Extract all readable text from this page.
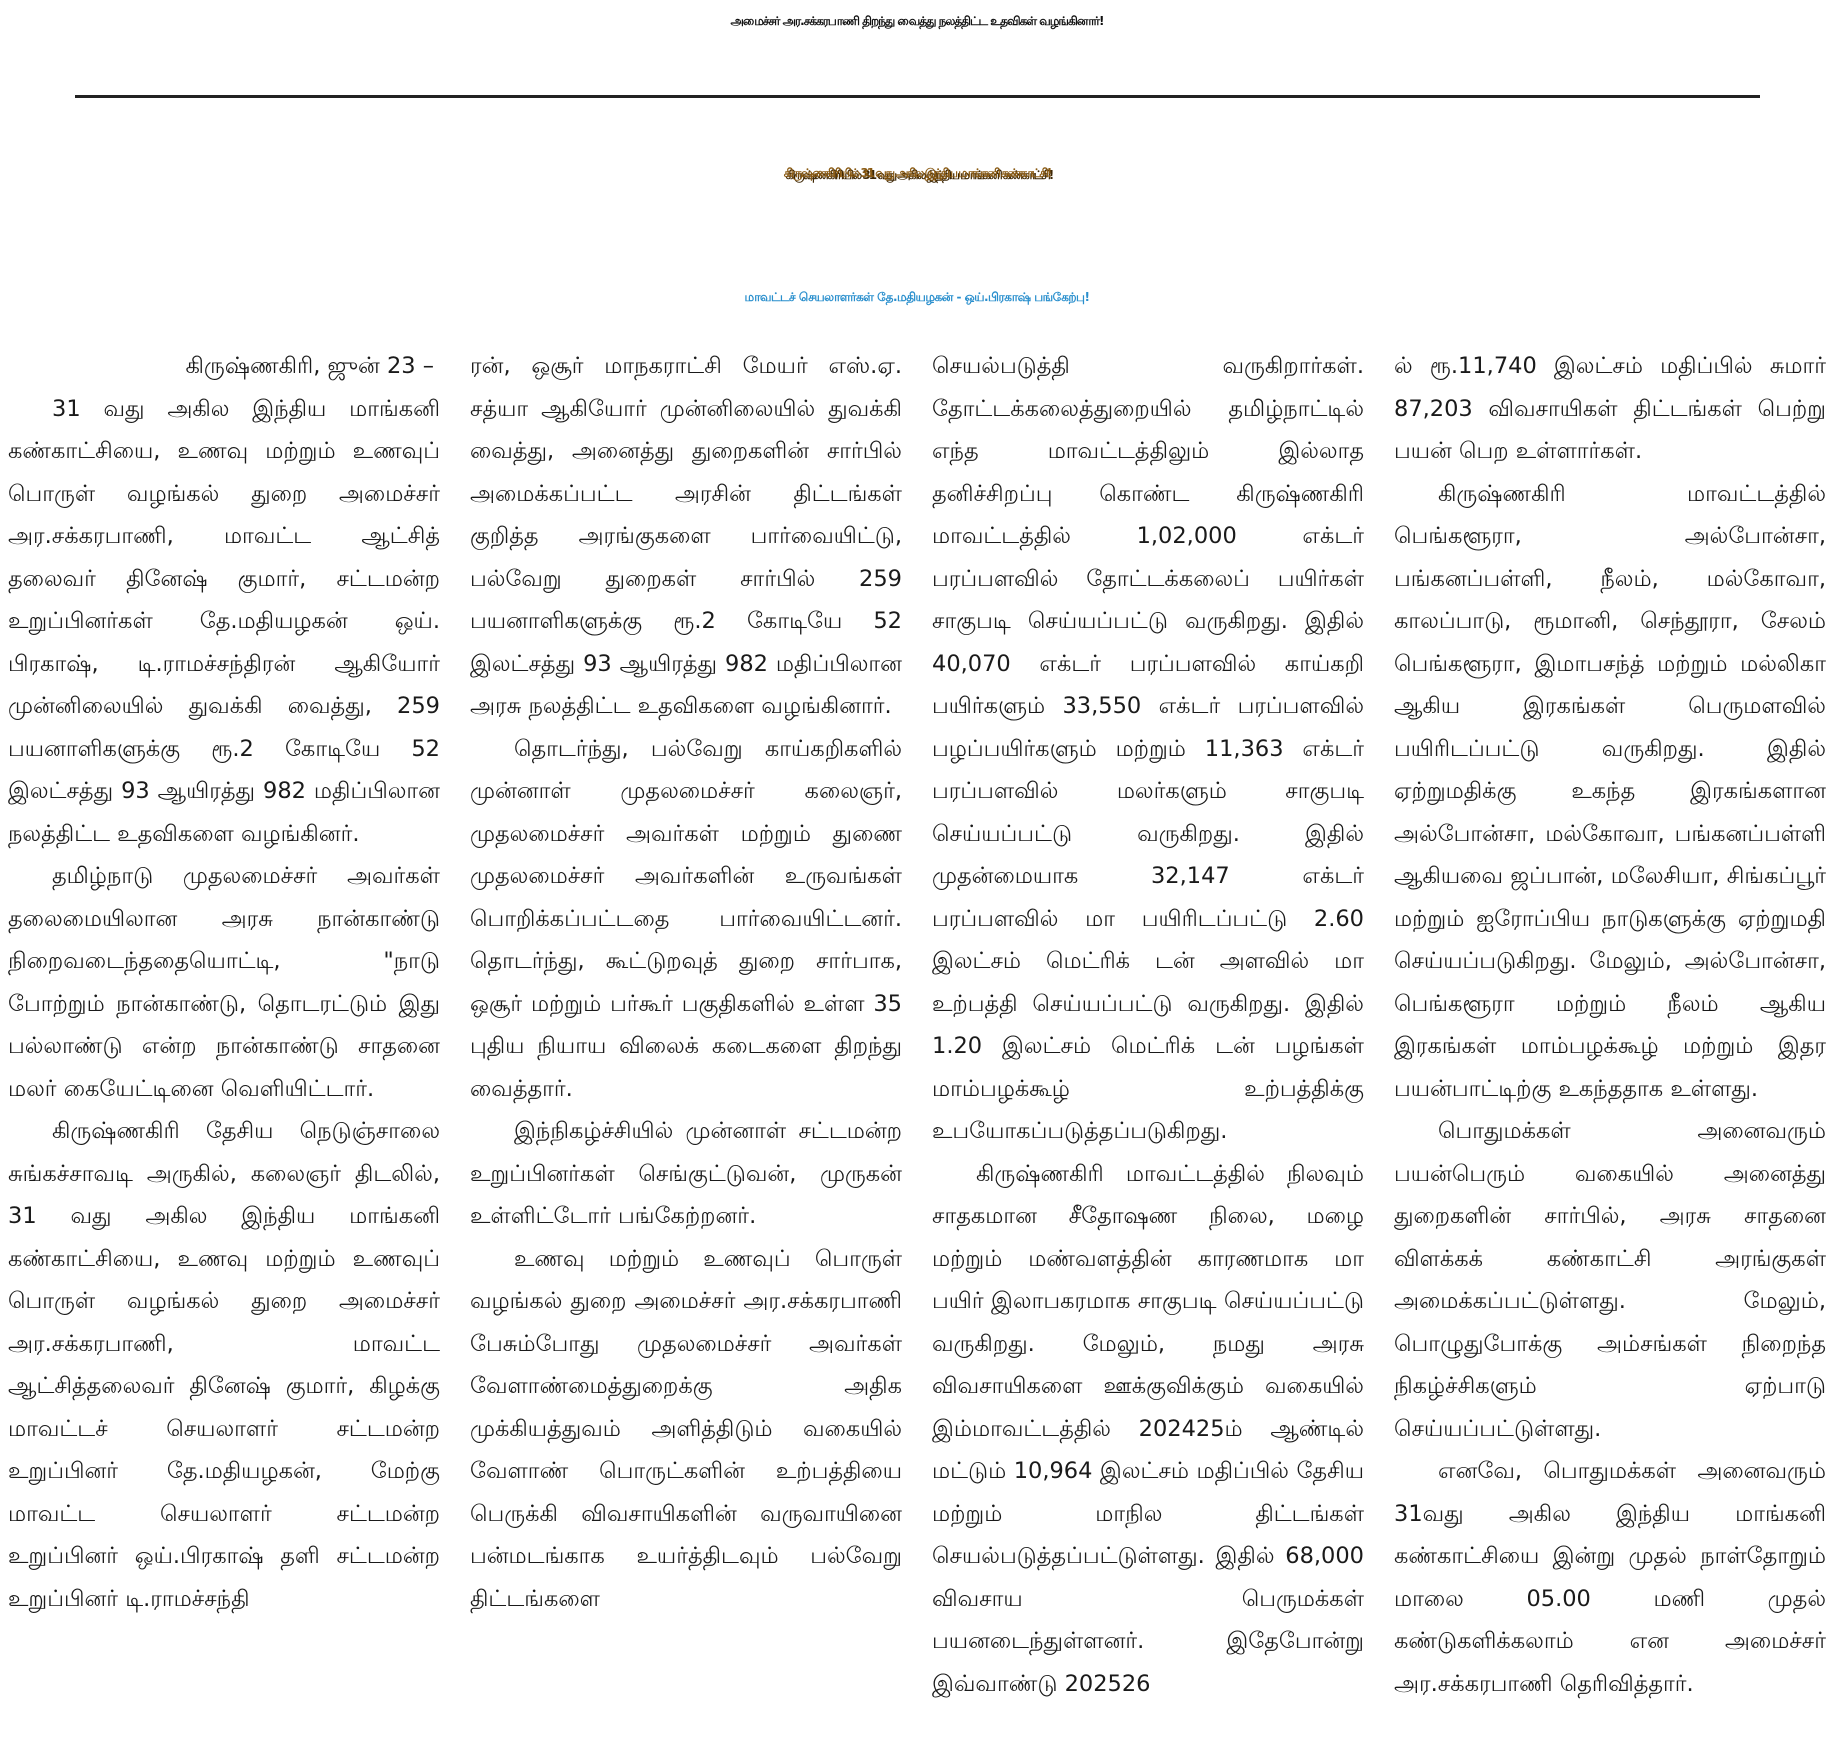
அமைச்சர் அர.சக்கரபாணி திறந்து வைத்து நலத்திட்ட உதவிகள் வழங்கினார்!
கிருஷ்ணகிரியில் 31 வது அகில இந்திய மாங்கனி கண்காட்சி!
மாவட்டச் செயலாளர்கள் தே.மதியழகன் - ஒய்.பிரகாஷ் பங்கேற்பு!

கிருஷ்ணகிரி, ஜுன் 23 –

31 வது அகில இந்திய மாங்கனி கண்காட்சியை, உணவு மற்றும் உணவுப் பொருள் வழங்கல் துறை அமைச்சர் அர.சக்கரபாணி, மாவட்ட ஆட்சித் தலைவர் தினேஷ் குமார், சட்டமன்ற உறுப்பினர்கள் தே.மதியழகன் ஒய். பிரகாஷ், டி.ராமச்சந்திரன் ஆகியோர் முன்னிலையில் துவக்கி வைத்து, 259 பயனாளிகளுக்கு ரூ.2 கோடியே 52 இலட்சத்து 93 ஆயிரத்து 982 மதிப்பிலான நலத்திட்ட உதவிகளை வழங்கினர்.

தமிழ்நாடு முதலமைச்சர் அவர்கள் தலைமையிலான அரசு நான்காண்டு நிறைவடைந்ததையொட்டி, "நாடு போற்றும் நான்காண்டு, தொடரட்டும் இது பல்லாண்டு என்ற நான்காண்டு சாதனை மலர் கையேட்டினை வெளியிட்டார்.

கிருஷ்ணகிரி தேசிய நெடுஞ்சாலை சுங்கச்சாவடி அருகில், கலைஞர் திடலில், 31 வது அகில இந்திய மாங்கனி கண்காட்சியை, உணவு மற்றும் உணவுப் பொருள் வழங்கல் துறை அமைச்சர் அர.சக்கரபாணி, மாவட்ட ஆட்சித்தலைவர் தினேஷ் குமார், கிழக்கு மாவட்டச் செயலாளர் சட்டமன்ற உறுப்பினர் தே.மதியழகன், மேற்கு மாவட்ட செயலாளர் சட்டமன்ற உறுப்பினர் ஒய்.பிரகாஷ் தளி சட்டமன்ற உறுப்பினர் டி.ராமச்சந்தி

ரன், ஒசூர் மாநகராட்சி மேயர் எஸ்.ஏ. சத்யா ஆகியோர் முன்னிலையில் துவக்கி வைத்து, அனைத்து துறைகளின் சார்பில் அமைக்கப்பட்ட அரசின் திட்டங்கள் குறித்த அரங்குகளை பார்வையிட்டு, பல்வேறு துறைகள் சார்பில் 259 பயனாளிகளுக்கு ரூ.2 கோடியே 52 இலட்சத்து 93 ஆயிரத்து 982 மதிப்பிலான அரசு நலத்திட்ட உதவிகளை வழங்கினார்.

தொடர்ந்து, பல்வேறு காய்கறிகளில் முன்னாள் முதலமைச்சர் கலைஞர், முதலமைச்சர் அவர்கள் மற்றும் துணை முதலமைச்சர் அவர்களின் உருவங்கள் பொறிக்கப்பட்டதை பார்வையிட்டனர். தொடர்ந்து, கூட்டுறவுத் துறை சார்பாக, ஒசூர் மற்றும் பர்கூர் பகுதிகளில் உள்ள 35 புதிய நியாய விலைக் கடைகளை திறந்து வைத்தார்.

இந்நிகழ்ச்சியில் முன்னாள் சட்டமன்ற உறுப்பினர்கள் செங்குட்டுவன், முருகன் உள்ளிட்டோர் பங்கேற்றனர்.

உணவு மற்றும் உணவுப் பொருள் வழங்கல் துறை அமைச்சர் அர.சக்கரபாணி பேசும்போது முதலமைச்சர் அவர்கள் வேளாண்மைத்துறைக்கு அதிக முக்கியத்துவம் அளித்திடும் வகையில் வேளாண் பொருட்களின் உற்பத்தியை பெருக்கி விவசாயிகளின் வருவாயினை பன்மடங்காக உயர்த்திடவும் பல்வேறு திட்டங்களை

செயல்படுத்தி வருகிறார்கள். தோட்டக்கலைத்துறையில் தமிழ்நாட்டில் எந்த மாவட்டத்திலும் இல்லாத தனிச்சிறப்பு கொண்ட கிருஷ்ணகிரி மாவட்டத்தில் 1,02,000 எக்டர் பரப்பளவில் தோட்டக்கலைப் பயிர்கள் சாகுபடி செய்யப்பட்டு வருகிறது. இதில் 40,070 எக்டர் பரப்பளவில் காய்கறி பயிர்களும் 33,550 எக்டர் பரப்பளவில் பழப்பயிர்களும் மற்றும் 11,363 எக்டர் பரப்பளவில் மலர்களும் சாகுபடி செய்யப்பட்டு வருகிறது. இதில் முதன்மையாக 32,147 எக்டர் பரப்பளவில் மா பயிரிடப்பட்டு 2.60 இலட்சம் மெட்ரிக் டன் அளவில் மா உற்பத்தி செய்யப்பட்டு வருகிறது. இதில் 1.20 இலட்சம் மெட்ரிக் டன் பழங்கள் மாம்பழக்கூழ் உற்பத்திக்கு உபயோகப்படுத்தப்படுகிறது.

கிருஷ்ணகிரி மாவட்டத்தில் நிலவும் சாதகமான சீதோஷண நிலை, மழை மற்றும் மண்வளத்தின் காரணமாக மா பயிர் இலாபகரமாக சாகுபடி செய்யப்பட்டு வருகிறது. மேலும், நமது அரசு விவசாயிகளை ஊக்குவிக்கும் வகையில் இம்மாவட்டத்தில் 202425ம் ஆண்டில் மட்டும் 10,964 இலட்சம் மதிப்பில் தேசிய மற்றும் மாநில திட்டங்கள் செயல்படுத்தப்பட்டுள்ளது. இதில் 68,000 விவசாய பெருமக்கள் பயனடைந்துள்ளனர். இதேபோன்று இவ்வாண்டு 202526

ல் ரூ.11,740 இலட்சம் மதிப்பில் சுமார் 87,203 விவசாயிகள் திட்டங்கள் பெற்று பயன் பெற உள்ளார்கள்.

கிருஷ்ணகிரி மாவட்டத்தில் பெங்களூரா, அல்போன்சா, பங்கனப்பள்ளி, நீலம், மல்கோவா, காலப்பாடு, ரூமானி, செந்தூரா, சேலம் பெங்களூரா, இமாபசந்த் மற்றும் மல்லிகா ஆகிய இரகங்கள் பெருமளவில் பயிரிடப்பட்டு வருகிறது. இதில் ஏற்றுமதிக்கு உகந்த இரகங்களான அல்போன்சா, மல்கோவா, பங்கனப்பள்ளி ஆகியவை ஜப்பான், மலேசியா, சிங்கப்பூர் மற்றும் ஐரோப்பிய நாடுகளுக்கு ஏற்றுமதி செய்யப்படுகிறது. மேலும், அல்போன்சா, பெங்களூரா மற்றும் நீலம் ஆகிய இரகங்கள் மாம்பழக்கூழ் மற்றும் இதர பயன்பாட்டிற்கு உகந்ததாக உள்ளது.

பொதுமக்கள் அனைவரும் பயன்பெரும் வகையில் அனைத்து துறைகளின் சார்பில், அரசு சாதனை விளக்கக் கண்காட்சி அரங்குகள் அமைக்கப்பட்டுள்ளது. மேலும், பொழுதுபோக்கு அம்சங்கள் நிறைந்த நிகழ்ச்சிகளும் ஏற்பாடு செய்யப்பட்டுள்ளது.

எனவே, பொதுமக்கள் அனைவரும் 31வது அகில இந்திய மாங்கனி கண்காட்சியை இன்று முதல் நாள்தோறும் மாலை 05.00 மணி முதல் கண்டுகளிக்கலாம் என அமைச்சர் அர.சக்கரபாணி தெரிவித்தார்.
